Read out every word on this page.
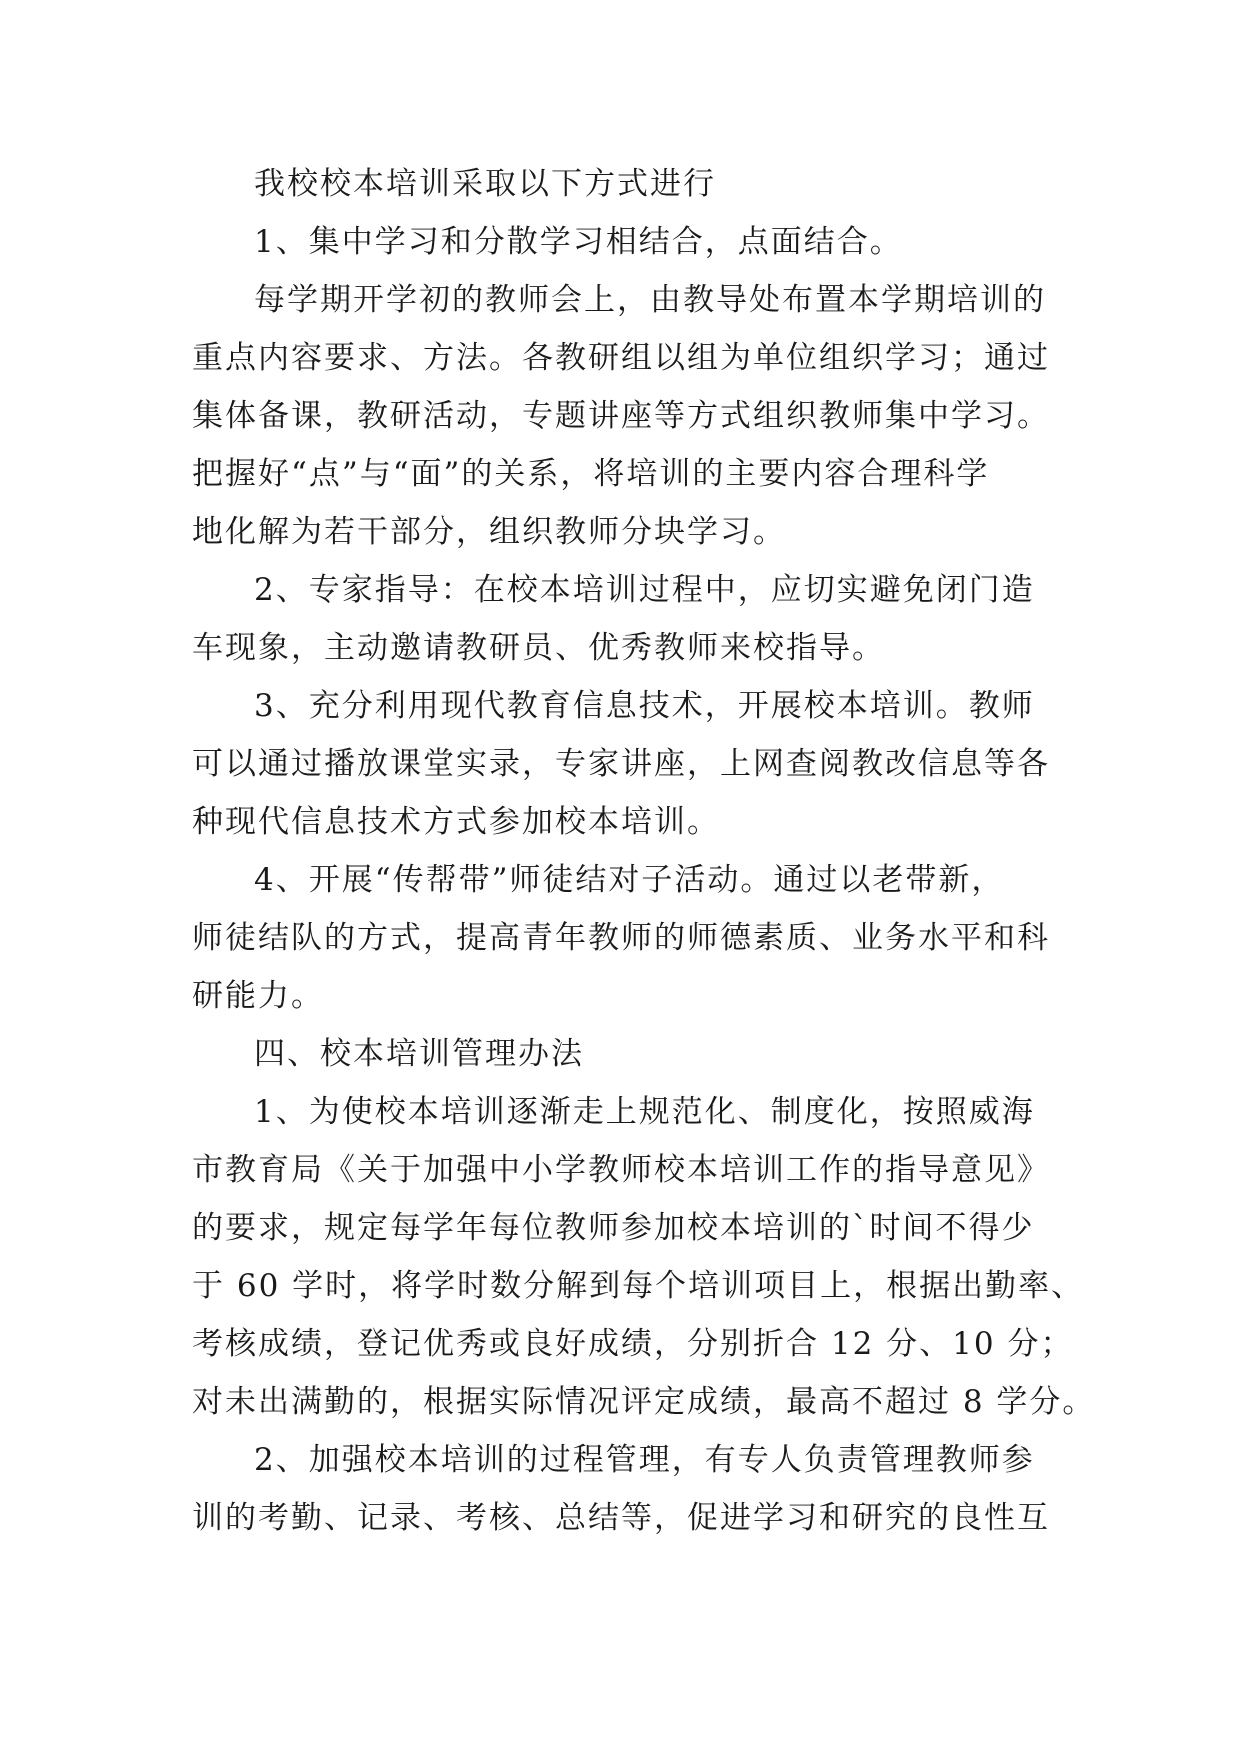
我校校本培训采取以下方式进行
1、集中学习和分散学习相结合，点面结合。
每学期开学初的教师会上，由教导处布置本学期培训的
重点内容要求、方法。各教研组以组为单位组织学习；通过
集体备课，教研活动，专题讲座等方式组织教师集中学习。
把握好“点”与“面”的关系，将培训的主要内容合理科学
地化解为若干部分，组织教师分块学习。
2、专家指导：在校本培训过程中，应切实避免闭门造
车现象，主动邀请教研员、优秀教师来校指导。
3、充分利用现代教育信息技术，开展校本培训。教师
可以通过播放课堂实录，专家讲座，上网查阅教改信息等各
种现代信息技术方式参加校本培训。
4、开展“传帮带”师徒结对子活动。通过以老带新，
师徒结队的方式，提高青年教师的师德素质、业务水平和科
研能力。
四、校本培训管理办法
1、为使校本培训逐渐走上规范化、制度化，按照威海
市教育局《关于加强中小学教师校本培训工作的指导意见》
的要求，规定每学年每位教师参加校本培训的`时间不得少
于 60 学时，将学时数分解到每个培训项目上，根据出勤率、
考核成绩，登记优秀或良好成绩，分别折合 12 分、10 分；
对未出满勤的，根据实际情况评定成绩，最高不超过 8 学分。
2、加强校本培训的过程管理，有专人负责管理教师参
训的考勤、记录、考核、总结等，促进学习和研究的良性互
